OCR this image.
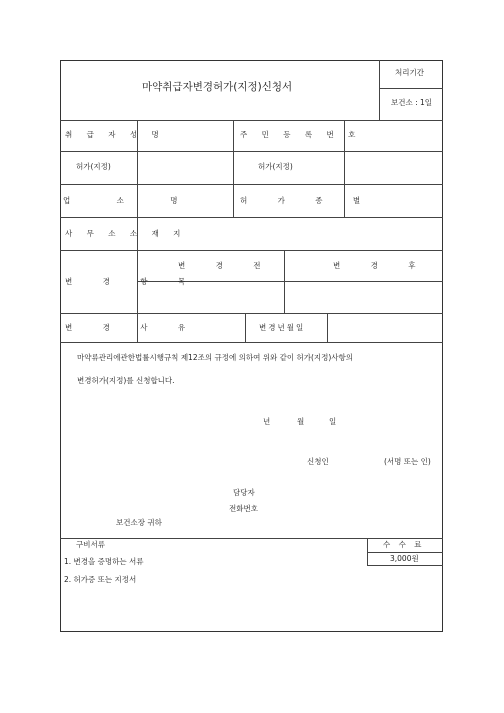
마약취급자변경허가(지정)신청서
처리기간
보건소 : 1일
취 급 자 성 명	주 민 등 록 번 호
허가(지정)	허가(지정)
업 소 명	허 가 종 별
사 무 소 소 재 지
변 경 항 목
변 경 전	변 경 후
변 경 사 유	변경년월일
마약류관리에관한법률시행규칙 제12조의 규정에 의하여 위와 같이 허가(지정)사항의
변경허가(지정)를 신청합니다.
년	월	일
신청인	(서명 또는 인)
담당자
전화번호
보건소장 귀하
구비서류
1. 변경을 증명하는 서류
2. 허가증 또는 지정서
수 수 료
3,000원
